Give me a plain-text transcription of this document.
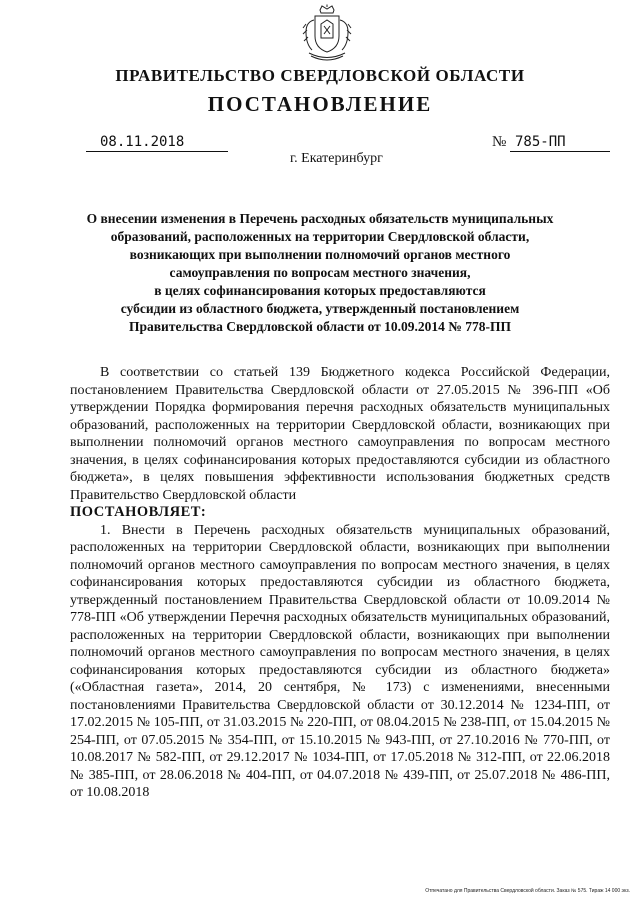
ПРАВИТЕЛЬСТВО СВЕРДЛОВСКОЙ ОБЛАСТИ
ПОСТАНОВЛЕНИЕ
08.11.2018	№ 785-ПП
г. Екатеринбург
О внесении изменения в Перечень расходных обязательств муниципальных
образований, расположенных на территории Свердловской области,
возникающих при выполнении полномочий органов местного
самоуправления по вопросам местного значения,
в целях софинансирования которых предоставляются
субсидии из областного бюджета, утвержденный постановлением
Правительства Свердловской области от 10.09.2014 № 778-ПП

В соответствии со статьей 139 Бюджетного кодекса Российской Федерации, постановлением Правительства Свердловской области от 27.05.2015 № 396-ПП «Об утверждении Порядка формирования перечня расходных обязательств муниципальных образований, расположенных на территории Свердловской области, возникающих при выполнении полномочий органов местного самоуправления по вопросам местного значения, в целях софинансирования которых предоставляются субсидии из областного бюджета», в целях повышения эффективности использования бюджетных средств Правительство Свердловской области

ПОСТАНОВЛЯЕТ:

1. Внести в Перечень расходных обязательств муниципальных образований, расположенных на территории Свердловской области, возникающих при выполнении полномочий органов местного самоуправления по вопросам местного значения, в целях софинансирования которых предоставляются субсидии из областного бюджета, утвержденный постановлением Правительства Свердловской области от 10.09.2014 № 778-ПП «Об утверждении Перечня расходных обязательств муниципальных образований, расположенных на территории Свердловской области, возникающих при выполнении полномочий органов местного самоуправления по вопросам местного значения, в целях софинансирования которых предоставляются субсидии из областного бюджета» («Областная газета», 2014, 20 сентября, № 173) с изменениями, внесенными постановлениями Правительства Свердловской области от 30.12.2014 № 1234-ПП, от 17.02.2015 № 105-ПП, от 31.03.2015 № 220-ПП, от 08.04.2015 № 238-ПП, от 15.04.2015 № 254-ПП, от 07.05.2015 № 354-ПП, от 15.10.2015 № 943-ПП, от 27.10.2016 № 770-ПП, от 10.08.2017 № 582-ПП, от 29.12.2017 № 1034-ПП, от 17.05.2018 № 312-ПП, от 22.06.2018 № 385-ПП, от 28.06.2018 № 404-ПП, от 04.07.2018 № 439-ПП, от 25.07.2018 № 486-ПП, от 10.08.2018

Отпечатано для Правительства Свердловской области. Заказ № 575. Тираж 14 000 экз.
